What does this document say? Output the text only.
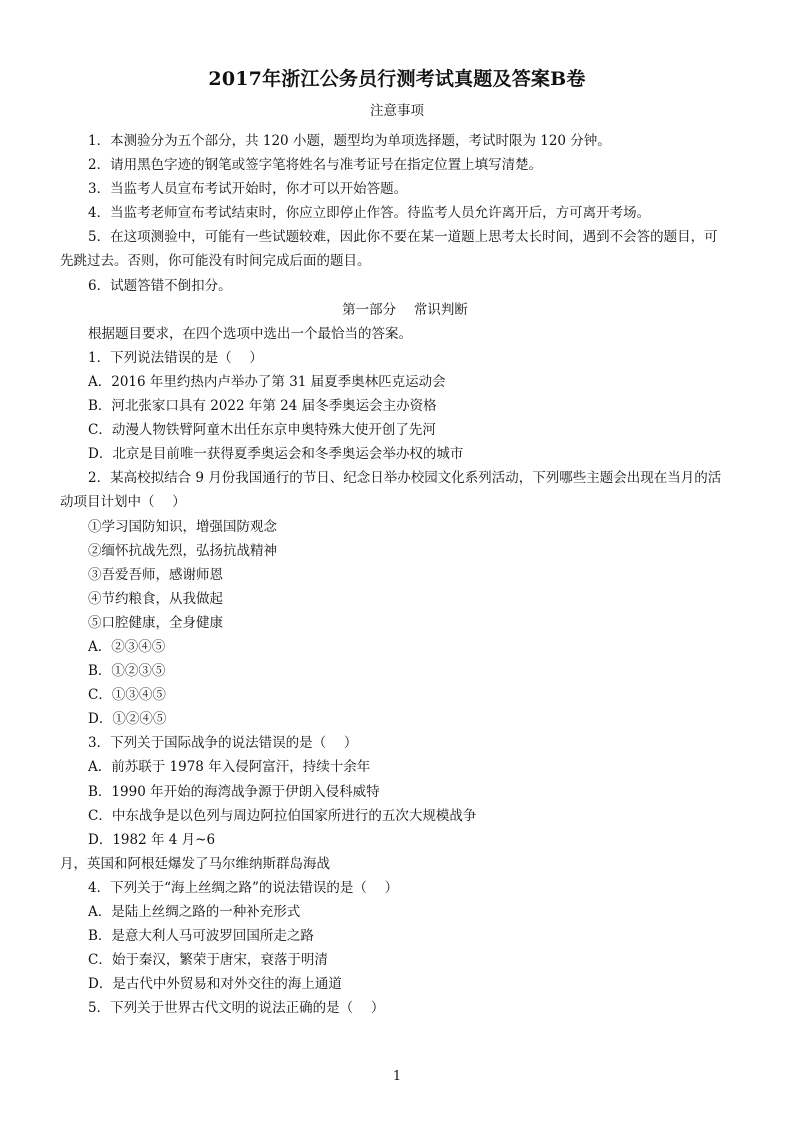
2017年浙江公务员行测考试真题及答案B卷
注意事项
1．本测验分为五个部分，共 120 小题，题型均为单项选择题，考试时限为 120 分钟。
2．请用黑色字迹的钢笔或签字笔将姓名与准考证号在指定位置上填写清楚。
3．当监考人员宣布考试开始时，你才可以开始答题。
4．当监考老师宣布考试结束时，你应立即停止作答。待监考人员允许离开后，方可离开考场。
5．在这项测验中，可能有一些试题较难，因此你不要在某一道题上思考太长时间，遇到不会答的题目，可
先跳过去。否则，你可能没有时间完成后面的题目。
6．试题答错不倒扣分。
第一部分　 常识判断
根据题目要求，在四个选项中选出一个最恰当的答案。
1．下列说法错误的是（　 ）
A．2016 年里约热内卢举办了第 31 届夏季奥林匹克运动会
B．河北张家口具有 2022 年第 24 届冬季奥运会主办资格
C．动漫人物铁臂阿童木出任东京申奥特殊大使开创了先河
D．北京是目前唯一获得夏季奥运会和冬季奥运会举办权的城市
2．某高校拟结合 9 月份我国通行的节日、纪念日举办校园文化系列活动，下列哪些主题会出现在当月的活
动项目计划中（　 ）
①学习国防知识，增强国防观念
②缅怀抗战先烈，弘扬抗战精神
③吾爱吾师，感谢师恩
④节约粮食，从我做起
⑤口腔健康，全身健康
A．②③④⑤
B．①②③⑤
C．①③④⑤
D．①②④⑤
3．下列关于国际战争的说法错误的是（　 ）
A．前苏联于 1978 年入侵阿富汗，持续十余年
B．1990 年开始的海湾战争源于伊朗入侵科威特
C．中东战争是以色列与周边阿拉伯国家所进行的五次大规模战争
D．1982 年 4 月~6
月，英国和阿根廷爆发了马尔维纳斯群岛海战
4．下列关于“海上丝绸之路”的说法错误的是（　 ）
A．是陆上丝绸之路的一种补充形式
B．是意大利人马可波罗回国所走之路
C．始于秦汉，繁荣于唐宋，衰落于明清
D．是古代中外贸易和对外交往的海上通道
5．下列关于世界古代文明的说法正确的是（　 ）
1
